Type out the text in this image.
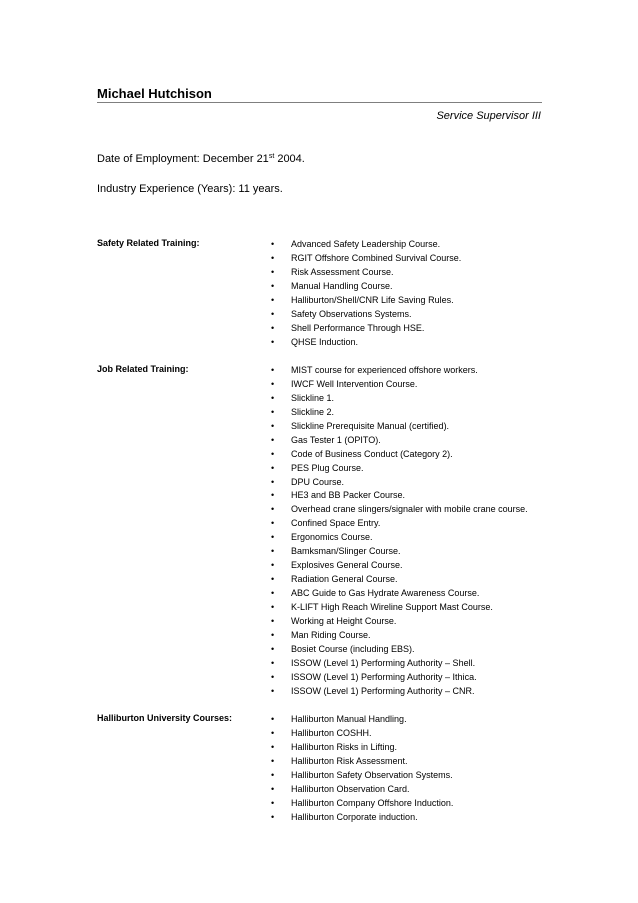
Michael Hutchison
Service Supervisor III
Date of Employment: December 21st 2004.
Industry Experience (Years): 11 years.
Safety Related Training:	• Advanced Safety Leadership Course.
• RGIT Offshore Combined Survival Course.
• Risk Assessment Course.
• Manual Handling Course.
• Halliburton/Shell/CNR Life Saving Rules.
• Safety Observations Systems.
• Shell Performance Through HSE.
• QHSE Induction.
Job Related Training:	• MIST course for experienced offshore workers.
• IWCF Well Intervention Course.
• Slickline 1.
• Slickline 2.
• Slickline Prerequisite Manual (certified).
• Gas Tester 1 (OPITO).
• Code of Business Conduct (Category 2).
• PES Plug Course.
• DPU Course.
• HE3 and BB Packer Course.
• Overhead crane slingers/signaler with mobile crane course.
• Confined Space Entry.
• Ergonomics Course.
• Bamksman/Slinger Course.
• Explosives General Course.
• Radiation General Course.
• ABC Guide to Gas Hydrate Awareness Course.
• K-LIFT High Reach Wireline Support Mast Course.
• Working at Height Course.
• Man Riding Course.
• Bosiet Course (including EBS).
• ISSOW (Level 1) Performing Authority – Shell.
• ISSOW (Level 1) Performing Authority – Ithica.
• ISSOW (Level 1) Performing Authority – CNR.
Halliburton University Courses:	• Halliburton Manual Handling.
• Halliburton COSHH.
• Halliburton Risks in Lifting.
• Halliburton Risk Assessment.
• Halliburton Safety Observation Systems.
• Halliburton Observation Card.
• Halliburton Company Offshore Induction.
• Halliburton Corporate induction.
